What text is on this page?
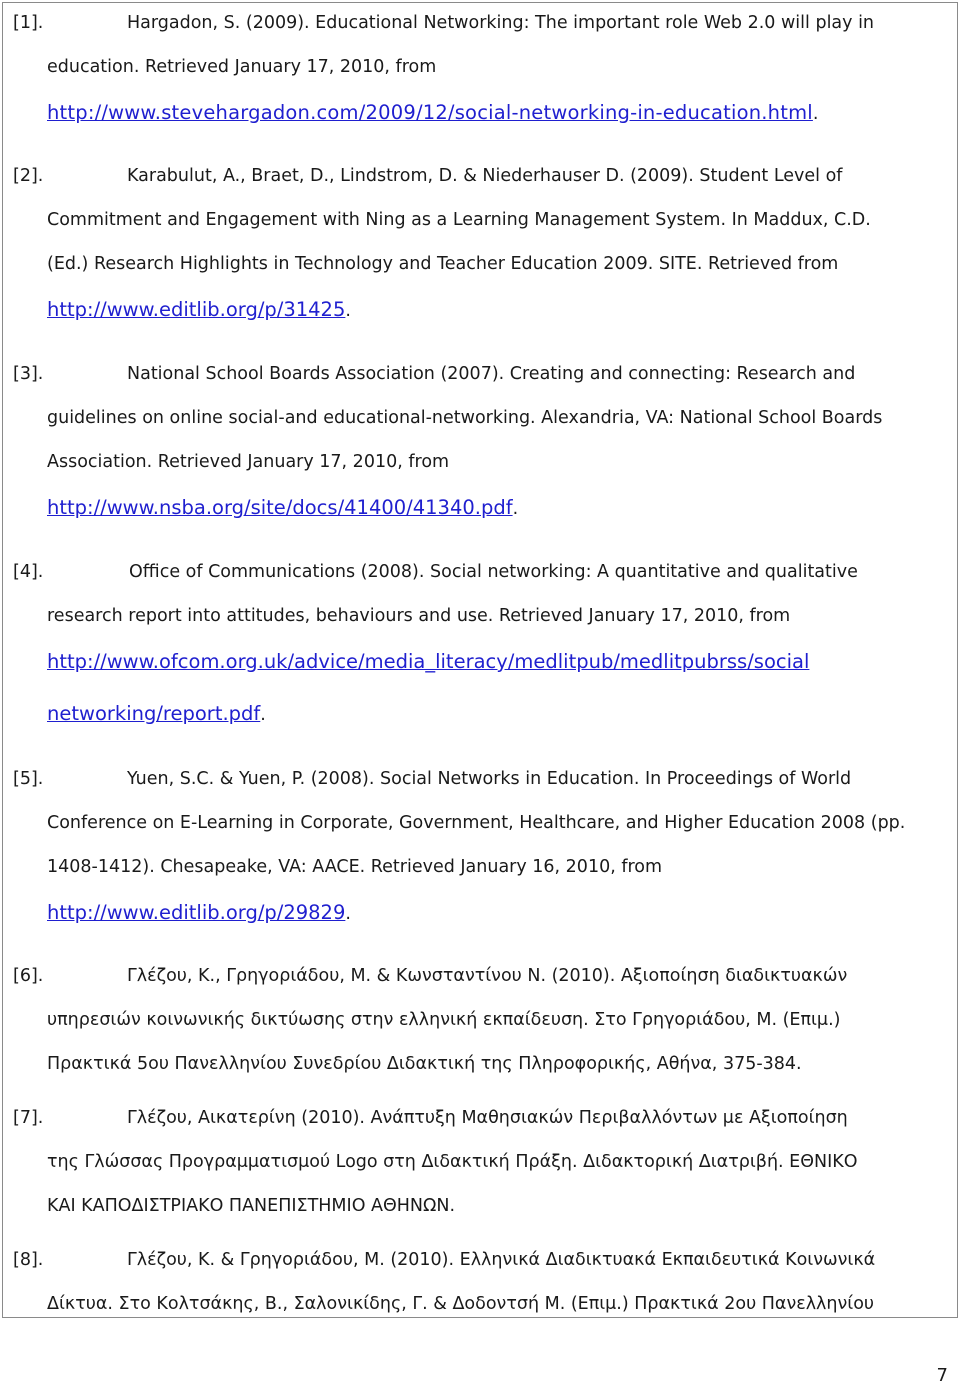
[1].	Hargadon, S. (2009). Educational Networking: The important role Web 2.0 will play in
education. Retrieved January 17, 2010, from
http://www.stevehargadon.com/2009/12/social-networking-in-education.html.
[2].	Karabulut, A., Braet, D., Lindstrom, D. & Niederhauser D. (2009). Student Level of
Commitment and Engagement with Ning as a Learning Management System. In Maddux, C.D.
(Ed.) Research Highlights in Technology and Teacher Education 2009. SITE. Retrieved from
http://www.editlib.org/p/31425.
[3].	National School Boards Association (2007). Creating and connecting: Research and
guidelines on online social-and educational-networking. Alexandria, VA: National School Boards
Association. Retrieved January 17, 2010, from
http://www.nsba.org/site/docs/41400/41340.pdf.
[4].	Office of Communications (2008). Social networking: A quantitative and qualitative
research report into attitudes, behaviours and use. Retrieved January 17, 2010, from
http://www.ofcom.org.uk/advice/media_literacy/medlitpub/medlitpubrss/social
networking/report.pdf.
[5].	Yuen, S.C. & Yuen, P. (2008). Social Networks in Education. In Proceedings of World
Conference on E-Learning in Corporate, Government, Healthcare, and Higher Education 2008 (pp.
1408-1412). Chesapeake, VA: AACE. Retrieved January 16, 2010, from
http://www.editlib.org/p/29829.
[6].	Γλέζου, Κ., Γρηγοριάδου, Μ. & Κωνσταντίνου Ν. (2010). Αξιοποίηση διαδικτυακών
υπηρεσιών κοινωνικής δικτύωσης στην ελληνική εκπαίδευση. Στο Γρηγοριάδου, Μ. (Επιμ.)
Πρακτικά 5ου Πανελληνίου Συνεδρίου Διδακτική της Πληροφορικής, Αθήνα, 375-384.
[7].	Γλέζου, Αικατερίνη (2010). Ανάπτυξη Μαθησιακών Περιβαλλόντων με Αξιοποίηση
της Γλώσσας Προγραμματισμού Logo στη Διδακτική Πράξη. Διδακτορική Διατριβή. ΕΘΝΙΚΟ
ΚΑΙ ΚΑΠΟΔΙΣΤΡΙΑΚΟ ΠΑΝΕΠΙΣΤΗΜΙΟ ΑΘΗΝΩΝ.
[8].	Γλέζου, Κ. & Γρηγοριάδου, Μ. (2010). Ελληνικά Διαδικτυακά Εκπαιδευτικά Κοινωνικά
Δίκτυα. Στο Κολτσάκης, Β., Σαλονικίδης, Γ. & Δοδοντσή Μ. (Επιμ.) Πρακτικά 2ου Πανελληνίου
7
